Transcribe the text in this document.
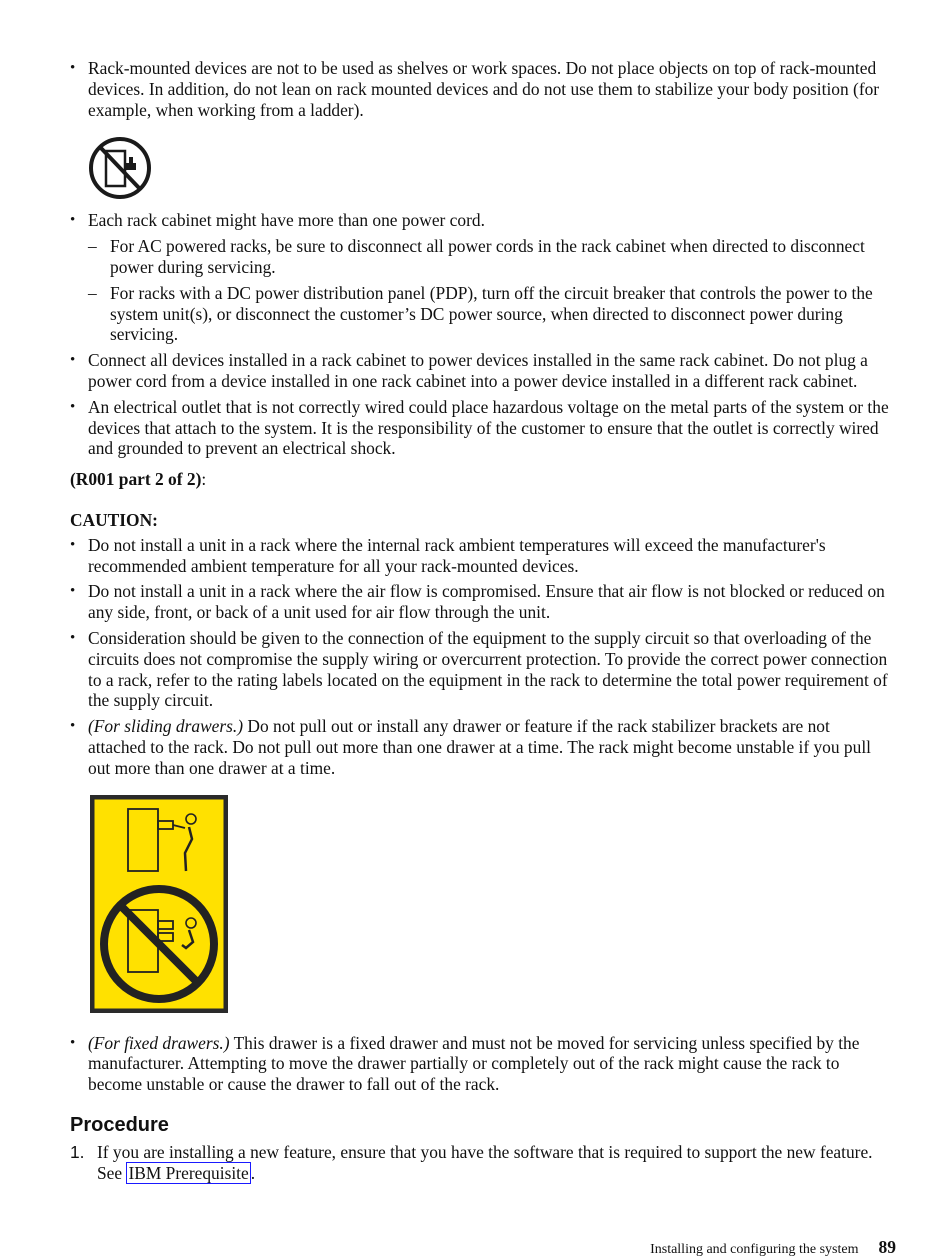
• Rack-mounted devices are not to be used as shelves or work spaces. Do not place objects on top of rack-mounted devices. In addition, do not lean on rack mounted devices and do not use them to stabilize your body position (for example, when working from a ladder).
• Each rack cabinet might have more than one power cord.
– For AC powered racks, be sure to disconnect all power cords in the rack cabinet when directed to disconnect power during servicing.
– For racks with a DC power distribution panel (PDP), turn off the circuit breaker that controls the power to the system unit(s), or disconnect the customer’s DC power source, when directed to disconnect power during servicing.
• Connect all devices installed in a rack cabinet to power devices installed in the same rack cabinet. Do not plug a power cord from a device installed in one rack cabinet into a power device installed in a different rack cabinet.
• An electrical outlet that is not correctly wired could place hazardous voltage on the metal parts of the system or the devices that attach to the system. It is the responsibility of the customer to ensure that the outlet is correctly wired and grounded to prevent an electrical shock.
(R001 part 2 of 2):
CAUTION:
• Do not install a unit in a rack where the internal rack ambient temperatures will exceed the manufacturer's recommended ambient temperature for all your rack-mounted devices.
• Do not install a unit in a rack where the air flow is compromised. Ensure that air flow is not blocked or reduced on any side, front, or back of a unit used for air flow through the unit.
• Consideration should be given to the connection of the equipment to the supply circuit so that overloading of the circuits does not compromise the supply wiring or overcurrent protection. To provide the correct power connection to a rack, refer to the rating labels located on the equipment in the rack to determine the total power requirement of the supply circuit.
• (For sliding drawers.) Do not pull out or install any drawer or feature if the rack stabilizer brackets are not attached to the rack. Do not pull out more than one drawer at a time. The rack might become unstable if you pull out more than one drawer at a time.
• (For fixed drawers.) This drawer is a fixed drawer and must not be moved for servicing unless specified by the manufacturer. Attempting to move the drawer partially or completely out of the rack might cause the rack to become unstable or cause the drawer to fall out of the rack.
Procedure
1. If you are installing a new feature, ensure that you have the software that is required to support the new feature. See IBM Prerequisite .
Installing and configuring the system 89
